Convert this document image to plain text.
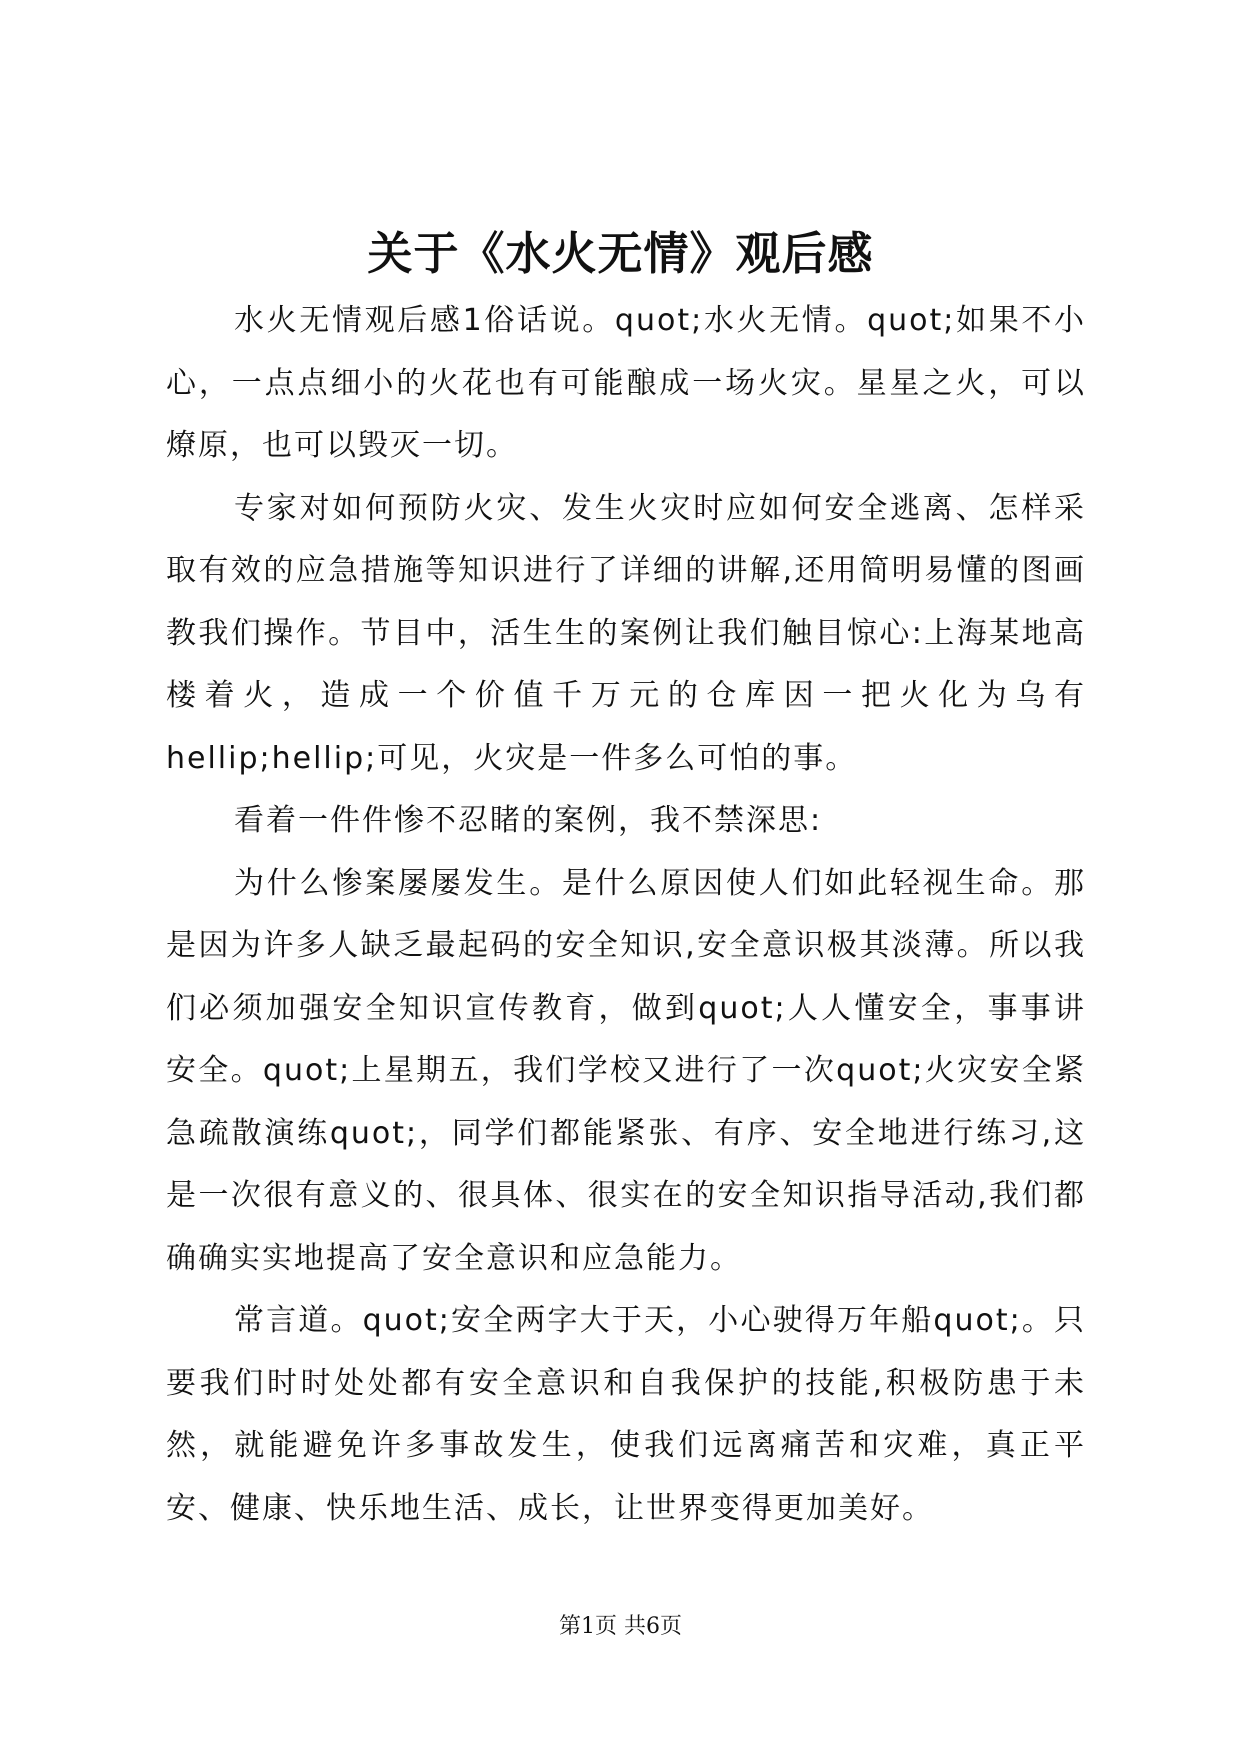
关于《水火无情》观后感

水火无情观后感1俗话说。quot;水火无情。quot;如果不小心，一点点细小的火花也有可能酿成一场火灾。星星之火，可以燎原，也可以毁灭一切。

专家对如何预防火灾、发生火灾时应如何安全逃离、怎样采取有效的应急措施等知识进行了详细的讲解,还用简明易懂的图画教我们操作。节目中，活生生的案例让我们触目惊心:上海某地高楼着火，造成一个价值千万元的仓库因一把火化为乌有hellip;hellip;可见，火灾是一件多么可怕的事。

看着一件件惨不忍睹的案例，我不禁深思:

为什么惨案屡屡发生。是什么原因使人们如此轻视生命。那是因为许多人缺乏最起码的安全知识,安全意识极其淡薄。所以我们必须加强安全知识宣传教育，做到quot;人人懂安全，事事讲安全。quot;上星期五，我们学校又进行了一次quot;火灾安全紧急疏散演练quot;，同学们都能紧张、有序、安全地进行练习,这是一次很有意义的、很具体、很实在的安全知识指导活动,我们都确确实实地提高了安全意识和应急能力。

常言道。quot;安全两字大于天，小心驶得万年船quot;。只要我们时时处处都有安全意识和自我保护的技能,积极防患于未然，就能避免许多事故发生，使我们远离痛苦和灾难，真正平安、健康、快乐地生活、成长，让世界变得更加美好。

第1页 共6页
